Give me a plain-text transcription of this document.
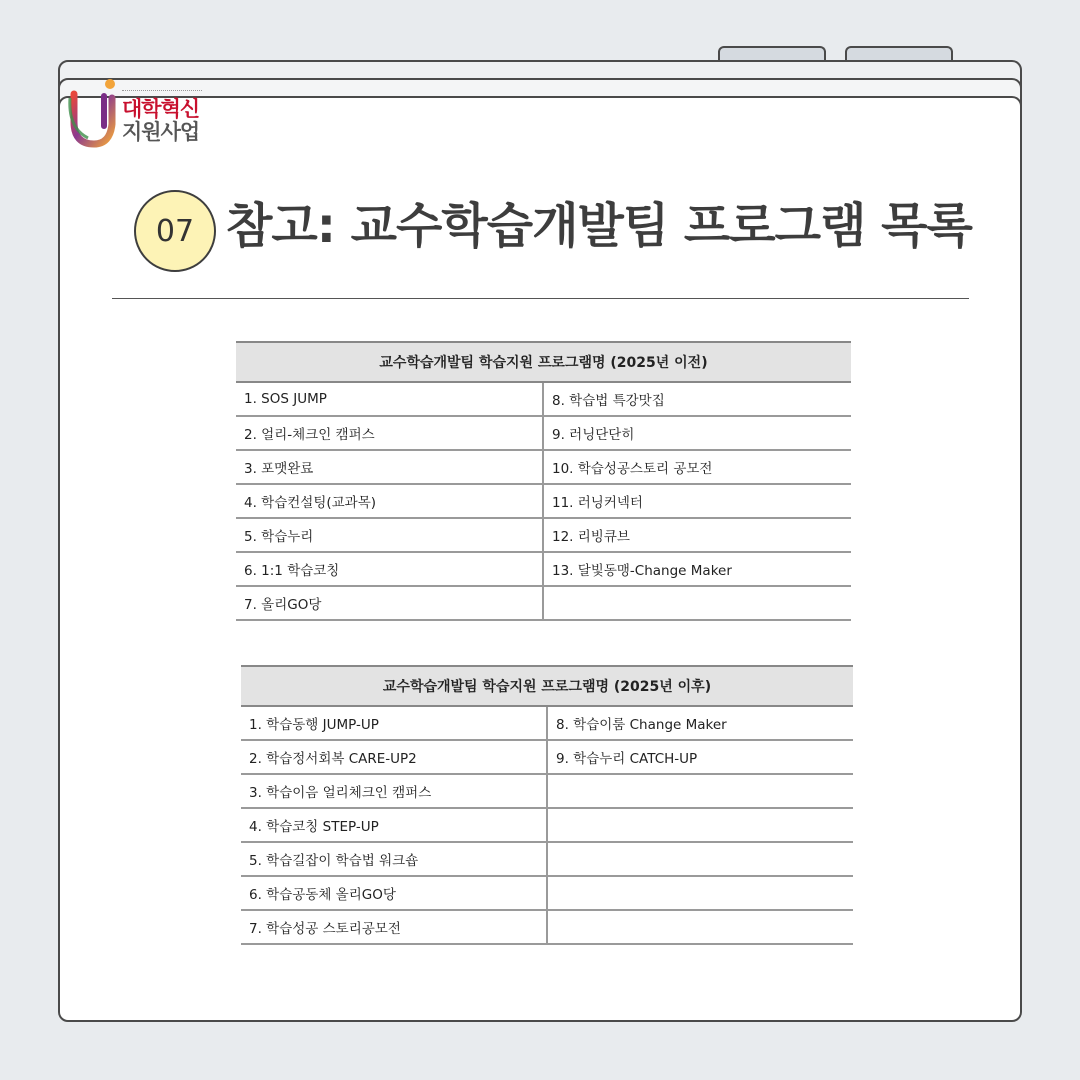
대학혁신
지원사업
07 참고: 교수학습개발팀 프로그램 목록
교수학습개발팀 학습지원 프로그램명 (2025년 이전)	
1. SOS JUMP	8. 학습법 특강맛집
2. 얼리-체크인 캠퍼스	9. 러닝단단히
3. 포맷완료	10. 학습성공스토리 공모전
4. 학습컨설팅(교과목)	11. 러닝커넥터
5. 학습누리	12. 리빙큐브
6. 1:1 학습코칭	13. 달빛동맹-Change Maker
7. 올리GO당	
교수학습개발팀 학습지원 프로그램명 (2025년 이후)	
1. 학습동행 JUMP-UP	8. 학습이룸 Change Maker
2. 학습정서회복 CARE-UP2	9. 학습누리 CATCH-UP
3. 학습이음 얼리체크인 캠퍼스	
4. 학습코칭 STEP-UP	
5. 학습길잡이 학습법 워크숍	
6. 학습공동체 올리GO당	
7. 학습성공 스토리공모전	
